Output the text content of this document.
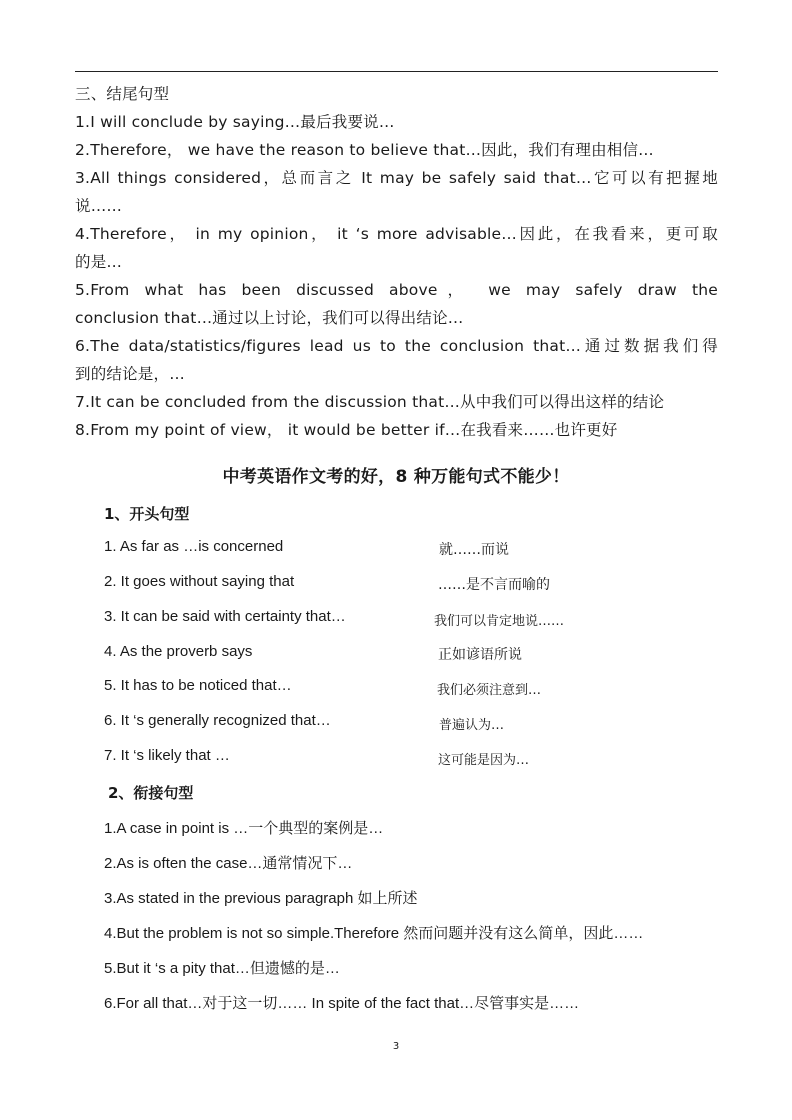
三、结尾句型

1.I will conclude by saying…最后我要说…

2.Therefore， we have the reason to believe that…因此，我们有理由相信…

3.All things considered，总而言之 It may be safely said that…它可以有把握地

说……

4.Therefore， in my opinion， it ‘s more advisable…因此，在我看来，更可取

的是…

5.From what has been discussed above， we may safely draw the

conclusion that…通过以上讨论，我们可以得出结论…

6.The data/statistics/figures lead us to the conclusion that…通过数据我们得

到的结论是，…

7.It can be concluded from the discussion that…从中我们可以得出这样的结论

8.From my point of view， it would be better if…在我看来……也许更好

中考英语作文考的好，8 种万能句式不能少！
1、开头句型
1. As far as …is concerned	就……而说
2. It goes without saying that	……是不言而喻的
3. It can be said with certainty that…	我们可以肯定地说……
4. As the proverb says	正如谚语所说
5. It has to be noticed that…	我们必须注意到…
6. It ‘s generally recognized that…	普遍认为…
7. It ‘s likely that …	这可能是因为…
2、衔接句型
1.A case in point is …一个典型的案例是…
2.As is often the case…通常情况下…
3.As stated in the previous paragraph 如上所述
4.But the problem is not so simple.Therefore 然而问题并没有这么简单，因此……
5.But it ‘s a pity that…但遗憾的是…
6.For all that…对于这一切…… In spite of the fact that…尽管事实是……
3
